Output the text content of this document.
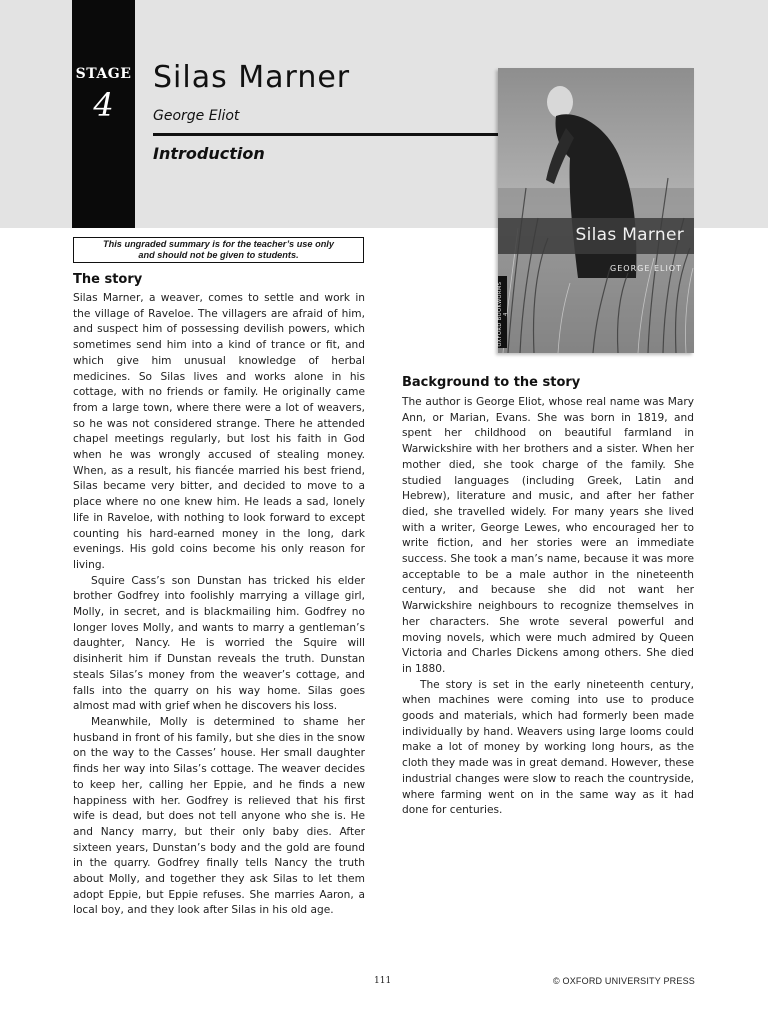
STAGE
4
Silas Marner
George Eliot
Introduction
Silas Marner
GEORGE ELIOT
OXFORD BOOKWORMS 4
This ungraded summary is for the teacher’s use only
and should not be given to students.
The story

Silas Marner, a weaver, comes to settle and work in the village of Raveloe. The villagers are afraid of him, and suspect him of possessing devilish powers, which sometimes send him into a kind of trance or fit, and which give him unusual knowledge of herbal medicines. So Silas lives and works alone in his cottage, with no friends or family. He originally came from a large town, where there were a lot of weavers, so he was not considered strange. There he attended chapel meetings regularly, but lost his faith in God when he was wrongly accused of stealing money. When, as a result, his fiancée married his best friend, Silas became very bitter, and decided to move to a place where no one knew him. He leads a sad, lonely life in Raveloe, with nothing to look forward to except counting his hard-earned money in the long, dark evenings. His gold coins become his only reason for living.

Squire Cass’s son Dunstan has tricked his elder brother Godfrey into foolishly marrying a village girl, Molly, in secret, and is blackmailing him. Godfrey no longer loves Molly, and wants to marry a gentleman’s daughter, Nancy. He is worried the Squire will disinherit him if Dunstan reveals the truth. Dunstan steals Silas’s money from the weaver’s cottage, and falls into the quarry on his way home. Silas goes almost mad with grief when he discovers his loss.

Meanwhile, Molly is determined to shame her husband in front of his family, but she dies in the snow on the way to the Casses’ house. Her small daughter finds her way into Silas’s cottage. The weaver decides to keep her, calling her Eppie, and he finds a new happiness with her. Godfrey is relieved that his first wife is dead, but does not tell anyone who she is. He and Nancy marry, but their only baby dies. After sixteen years, Dunstan’s body and the gold are found in the quarry. Godfrey finally tells Nancy the truth about Molly, and together they ask Silas to let them adopt Eppie, but Eppie refuses. She marries Aaron, a local boy, and they look after Silas in his old age.

Background to the story

The author is George Eliot, whose real name was Mary Ann, or Marian, Evans. She was born in 1819, and spent her childhood on beautiful farmland in Warwickshire with her brothers and a sister. When her mother died, she took charge of the family. She studied languages (including Greek, Latin and Hebrew), literature and music, and after her father died, she travelled widely. For many years she lived with a writer, George Lewes, who encouraged her to write fiction, and her stories were an immediate success. She took a man’s name, because it was more acceptable to be a male author in the nineteenth century, and because she did not want her Warwickshire neighbours to recognize themselves in her characters. She wrote several powerful and moving novels, which were much admired by Queen Victoria and Charles Dickens among others. She died in 1880.

The story is set in the early nineteenth century, when machines were coming into use to produce goods and materials, which had formerly been made individually by hand. Weavers using large looms could make a lot of money by working long hours, as the cloth they made was in great demand. However, these industrial changes were slow to reach the countryside, where farming went on in the same way as it had done for centuries.

111	© OXFORD UNIVERSITY PRESS
